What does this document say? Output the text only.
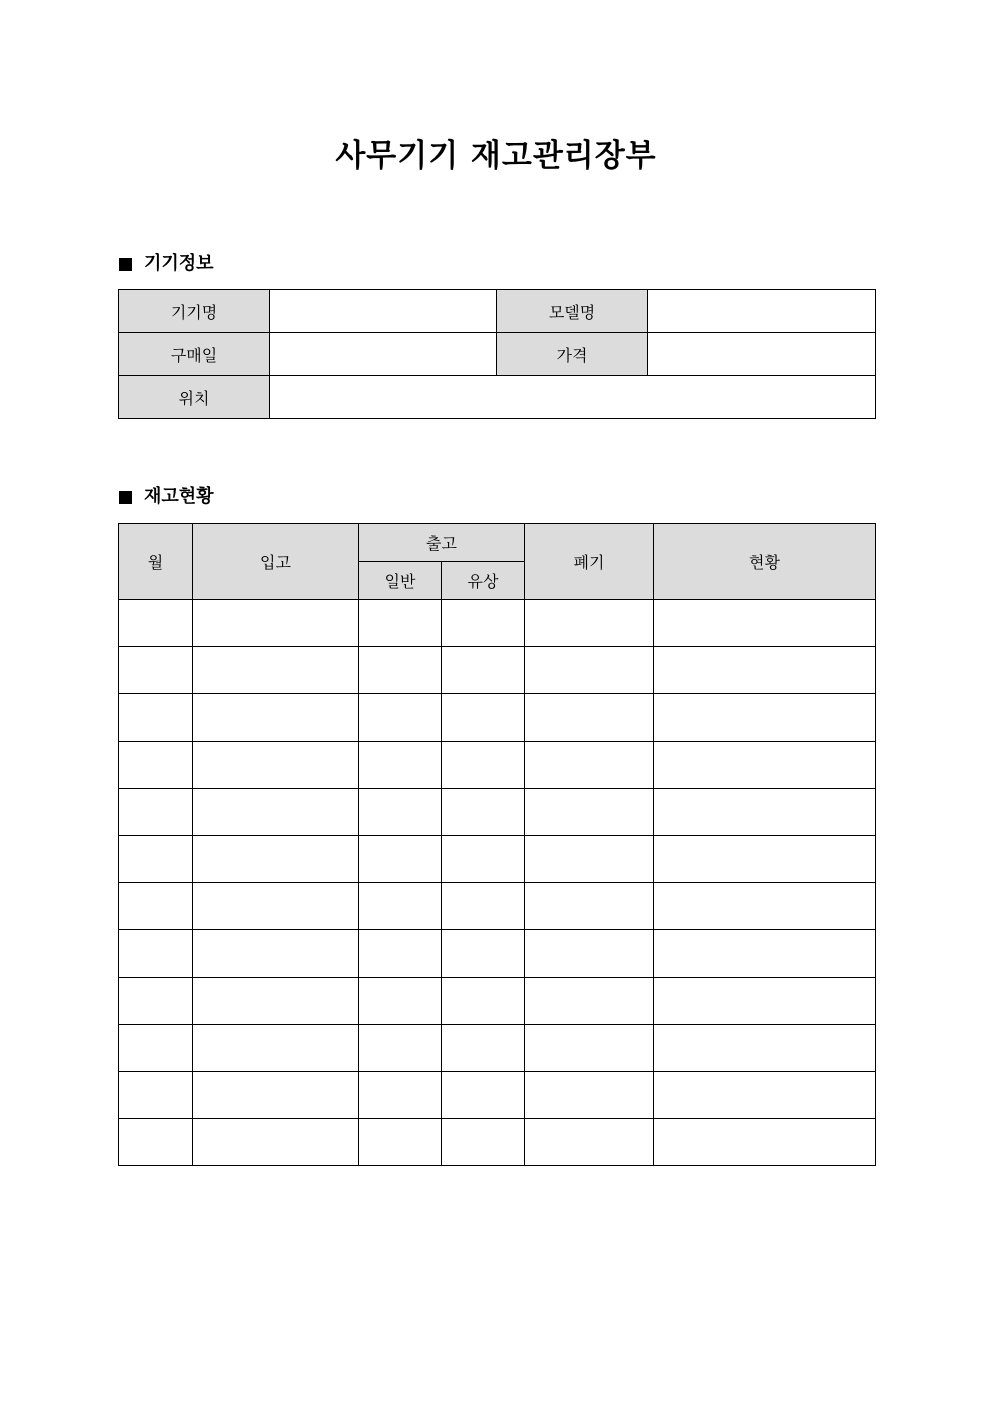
사무기기 재고관리장부
기기정보
기기명		모델명	
구매일		가격	
위치			
재고현황
월	입고	출고		폐기	현황
		일반	유상		
